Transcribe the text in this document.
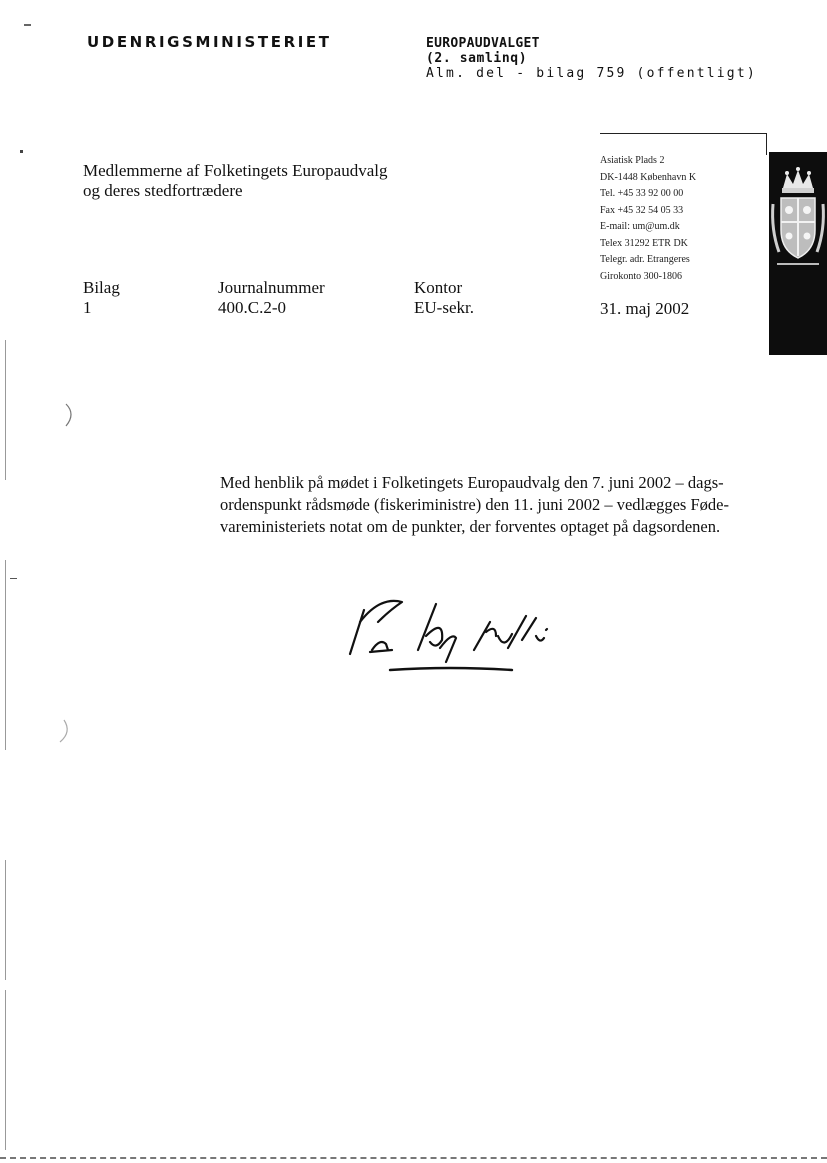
UDENRIGSMINISTERIET	EUROPAUDVALGET
(2. samlinq)
Alm. del - bilag 759 (offentligt)
Medlemmerne af Folketingets Europaudvalg
og deres stedfortrædere
Asiatisk Plads 2
DK-1448 København K
Tel. +45 33 92 00 00
Fax +45 32 54 05 33
E-mail: um@um.dk
Telex 31292 ETR DK
Telegr. adr. Etrangeres
Girokonto 300-1806
Bilag
1
Journalnummer
400.C.2-0
Kontor
EU-sekr.	31. maj 2002
Med henblik på mødet i Folketingets Europaudvalg den 7. juni 2002 – dags-
ordenspunkt rådsmøde (fiskeriministre) den 11. juni 2002 – vedlægges Føde-
vareministeriets notat om de punkter, der forventes optaget på dagsordenen.
